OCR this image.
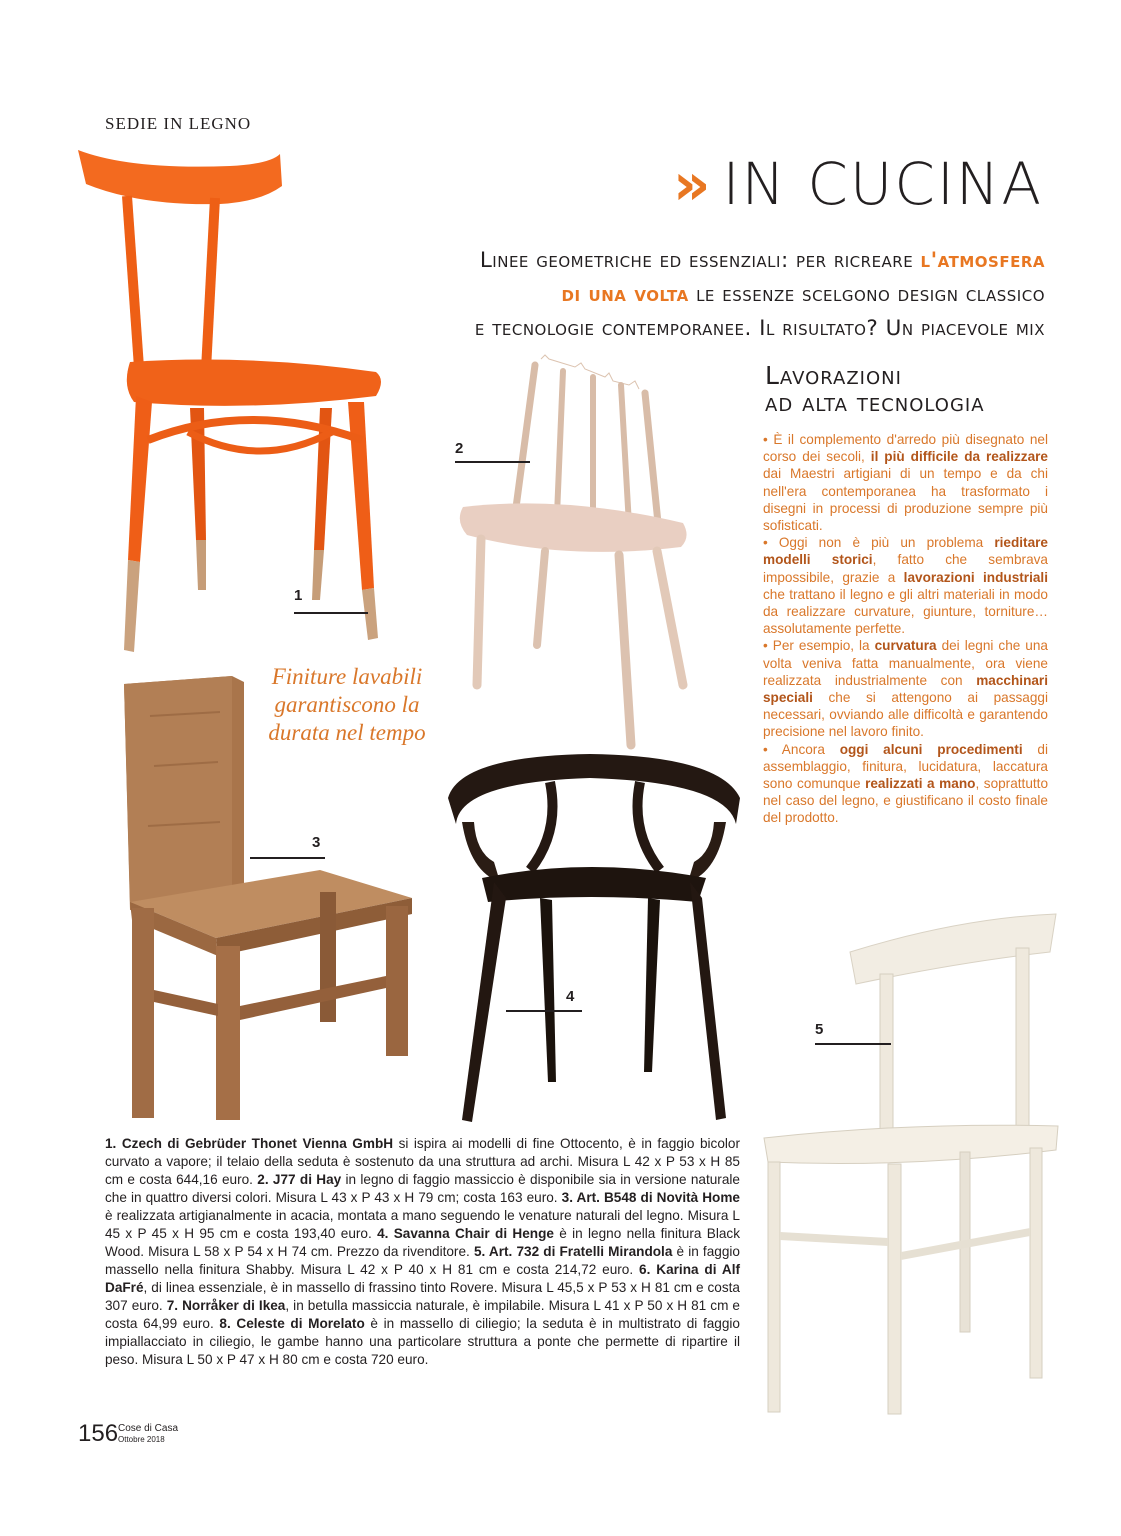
SEDIE IN LEGNO
» IN CUCINA
Linee geometriche ed essenziali: per ricreare l'atmosfera
di una volta le essenze scelgono design classico
e tecnologie contemporanee. Il risultato? Un piacevole mix
Lavorazioni
ad alta tecnologia

• È il complemento d'arredo più disegnato nel corso dei secoli, il più difficile da realizzare dai Maestri artigiani di un tempo e da chi nell'era contemporanea ha trasformato i disegni in processi di produzione sempre più sofisticati.

• Oggi non è più un problema rieditare modelli storici, fatto che sembrava impossibile, grazie a lavorazioni industriali che trattano il legno e gli altri materiali in modo da realizzare curvature, giunture, torniture… assolutamente perfette.

• Per esempio, la curvatura dei legni che una volta veniva fatta manualmente, ora viene realizzata industrialmente con macchinari speciali che si attengono ai passaggi necessari, ovviando alle difficoltà e garantendo precisione nel lavoro finito.

• Ancora oggi alcuni procedimenti di assemblaggio, finitura, lucidatura, laccatura sono comunque realizzati a mano, soprattutto nel caso del legno, e giustificano il costo finale del prodotto.

Finiture lavabili garantiscono la durata nel tempo
1
2
3
4
5
1. Czech di Gebrüder Thonet Vienna GmbH si ispira ai modelli di fine Ottocento, è in faggio bicolor curvato a vapore; il telaio della seduta è sostenuto da una struttura ad archi. Misura L 42 x P 53 x H 85 cm e costa 644,16 euro. 2. J77 di Hay in legno di faggio massiccio è disponibile sia in versione naturale che in quattro diversi colori. Misura L 43 x P 43 x H 79 cm; costa 163 euro. 3. Art. B548 di Novità Home è realizzata artigianalmente in acacia, montata a mano seguendo le venature naturali del legno. Misura L 45 x P 45 x H 95 cm e costa 193,40 euro. 4. Savanna Chair di Henge è in legno nella finitura Black Wood. Misura L 58 x P 54 x H 74 cm. Prezzo da rivenditore. 5. Art. 732 di Fratelli Mirandola è in faggio massello nella finitura Shabby. Misura L 42 x P 40 x H 81 cm e costa 214,72 euro. 6. Karina di Alf DaFré, di linea essenziale, è in massello di frassino tinto Rovere. Misura L 45,5 x P 53 x H 81 cm e costa 307 euro. 7. Norråker di Ikea, in betulla massiccia naturale, è impilabile. Misura L 41 x P 50 x H 81 cm e costa 64,99 euro. 8. Celeste di Morelato è in massello di ciliegio; la seduta è in multistrato di faggio impiallacciato in ciliegio, le gambe hanno una particolare struttura a ponte che permette di ripartire il peso. Misura L 50 x P 47 x H 80 cm e costa 720 euro.
156 Cose di Casa
Ottobre 2018
